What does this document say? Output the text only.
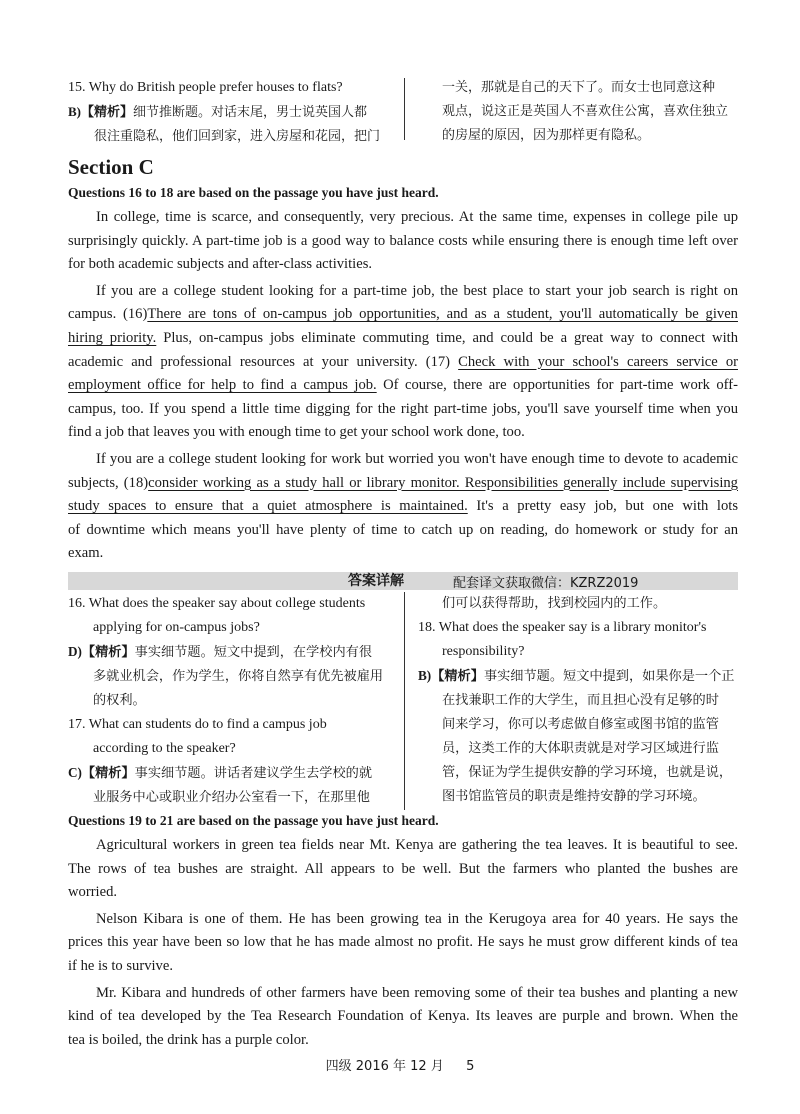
15. Why do British people prefer houses to flats?
B)【精析】细节推断题。对话末尾，男士说英国人都
很注重隐私，他们回到家，进入房屋和花园，把门
一关，那就是自己的天下了。而女士也同意这种
观点，说这正是英国人不喜欢住公寓，喜欢住独立
的房屋的原因，因为那样更有隐私。
Section C
Questions 16 to 18 are based on the passage you have just heard.
In college, time is scarce, and consequently, very precious. At the same time, expenses in college pile up
surprisingly quickly. A part-time job is a good way to balance costs while ensuring there is enough time left over
for both academic subjects and after-class activities.
If you are a college student looking for a part-time job, the best place to start your job search is right on
campus. (16)There are tons of on-campus job opportunities, and as a student, you'll automatically be given
hiring priority. Plus, on-campus jobs eliminate commuting time, and could be a great way to connect with
academic and professional resources at your university. (17) Check with your school's careers service or
employment office for help to find a campus job. Of course, there are opportunities for part-time work off-
campus, too. If you spend a little time digging for the right part-time jobs, you'll save yourself time when you
find a job that leaves you with enough time to get your school work done, too.
If you are a college student looking for work but worried you won't have enough time to devote to academic
subjects, (18)consider working as a study hall or library monitor. Responsibilities generally include supervising
study spaces to ensure that a quiet atmosphere is maintained. It's a pretty easy job, but one with lots
of downtime which means you'll have plenty of time to catch up on reading, do homework or study for an
exam.
答案详解	配套译文获取微信：KZRZ2019
16. What does the speaker say about college students
applying for on-campus jobs?
D)【精析】事实细节题。短文中提到，在学校内有很
多就业机会，作为学生，你将自然享有优先被雇用
的权利。
17. What can students do to find a campus job
according to the speaker?
C)【精析】事实细节题。讲话者建议学生去学校的就
业服务中心或职业介绍办公室看一下，在那里他
们可以获得帮助，找到校园内的工作。
18. What does the speaker say is a library monitor's
responsibility?
B)【精析】事实细节题。短文中提到，如果你是一个正
在找兼职工作的大学生，而且担心没有足够的时
间来学习，你可以考虑做自修室或图书馆的监管
员，这类工作的大体职责就是对学习区域进行监
管，保证为学生提供安静的学习环境，也就是说，
图书馆监管员的职责是维持安静的学习环境。
Questions 19 to 21 are based on the passage you have just heard.
Agricultural workers in green tea fields near Mt. Kenya are gathering the tea leaves. It is beautiful to see.
The rows of tea bushes are straight. All appears to be well. But the farmers who planted the bushes are
worried.
Nelson Kibara is one of them. He has been growing tea in the Kerugoya area for 40 years. He says the
prices this year have been so low that he has made almost no profit. He says he must grow different kinds of tea
if he is to survive.
Mr. Kibara and hundreds of other farmers have been removing some of their tea bushes and planting a new
kind of tea developed by the Tea Research Foundation of Kenya. Its leaves are purple and brown. When the
tea is boiled, the drink has a purple color.
四级 2016 年 12 月 5
